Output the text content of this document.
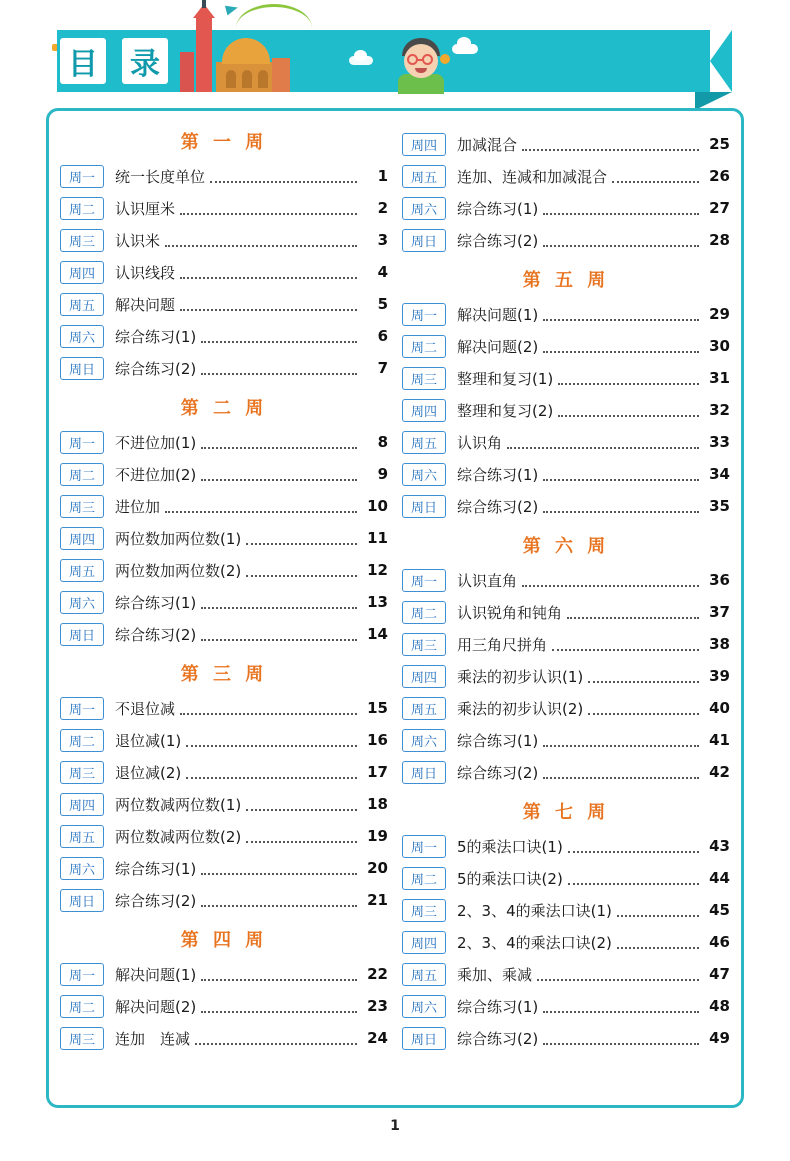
目	录
第 一 周
周一	统一长度单位	1
周二	认识厘米	2
周三	认识米	3
周四	认识线段	4
周五	解决问题	5
周六	综合练习(1)	6
周日	综合练习(2)	7
第 二 周
周一	不进位加(1)	8
周二	不进位加(2)	9
周三	进位加	10
周四	两位数加两位数(1)	11
周五	两位数加两位数(2)	12
周六	综合练习(1)	13
周日	综合练习(2)	14
第 三 周
周一	不退位减	15
周二	退位减(1)	16
周三	退位减(2)	17
周四	两位数减两位数(1)	18
周五	两位数减两位数(2)	19
周六	综合练习(1)	20
周日	综合练习(2)	21
第 四 周
周一	解决问题(1)	22
周二	解决问题(2)	23
周三	连加　连减	24
周四	加减混合	25
周五	连加、连减和加减混合	26
周六	综合练习(1)	27
周日	综合练习(2)	28
第 五 周
周一	解决问题(1)	29
周二	解决问题(2)	30
周三	整理和复习(1)	31
周四	整理和复习(2)	32
周五	认识角	33
周六	综合练习(1)	34
周日	综合练习(2)	35
第 六 周
周一	认识直角	36
周二	认识锐角和钝角	37
周三	用三角尺拼角	38
周四	乘法的初步认识(1)	39
周五	乘法的初步认识(2)	40
周六	综合练习(1)	41
周日	综合练习(2)	42
第 七 周
周一	5的乘法口诀(1)	43
周二	5的乘法口诀(2)	44
周三	2、3、4的乘法口诀(1)	45
周四	2、3、4的乘法口诀(2)	46
周五	乘加、乘减	47
周六	综合练习(1)	48
周日	综合练习(2)	49
1
